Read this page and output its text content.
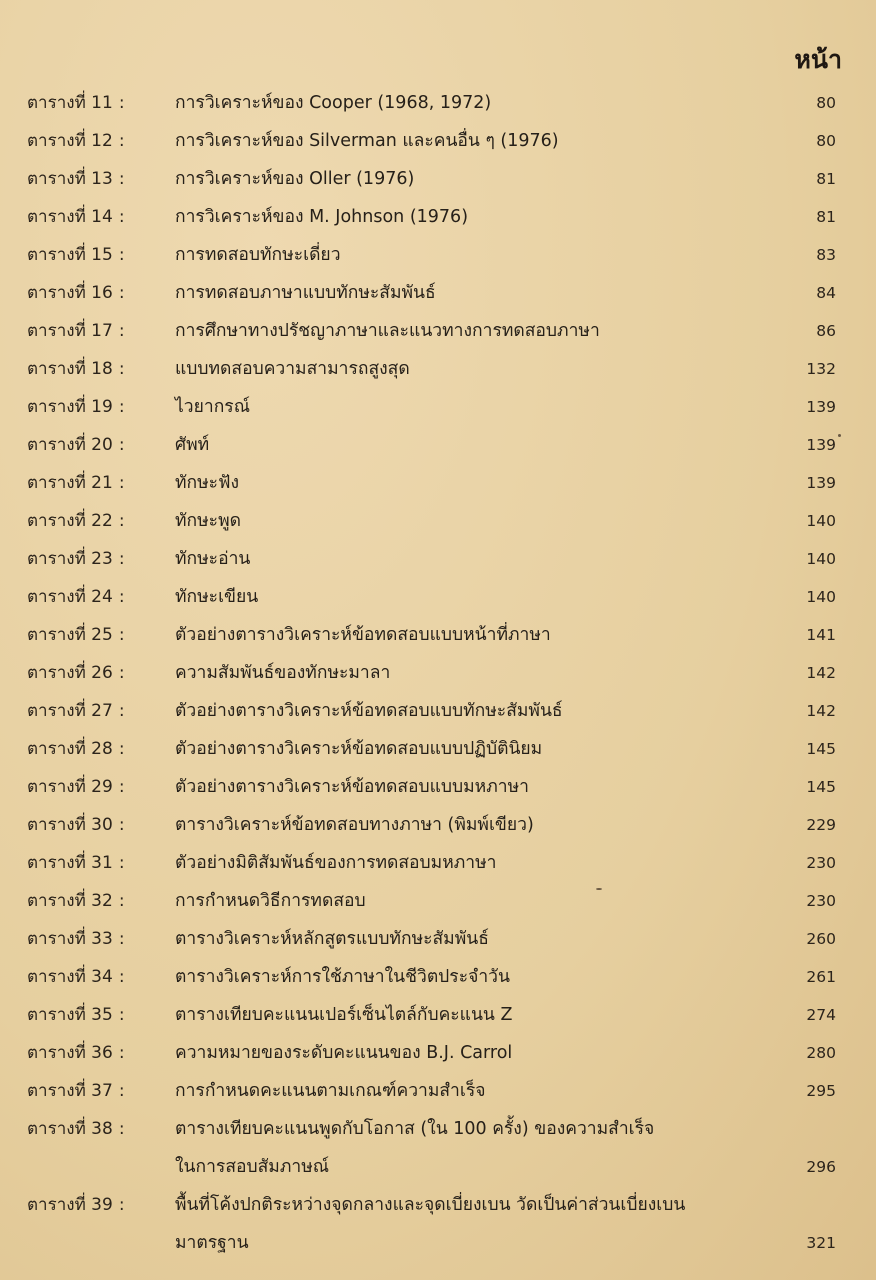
หน้า
ตารางที่ 11 :	การวิเคราะห์ของ Cooper (1968, 1972)	80
ตารางที่ 12 :	การวิเคราะห์ของ Silverman และคนอื่น ๆ (1976)	80
ตารางที่ 13 :	การวิเคราะห์ของ Oller (1976)	81
ตารางที่ 14 :	การวิเคราะห์ของ M. Johnson (1976)	81
ตารางที่ 15 :	การทดสอบทักษะเดี่ยว	83
ตารางที่ 16 :	การทดสอบภาษาแบบทักษะสัมพันธ์	84
ตารางที่ 17 :	การศึกษาทางปรัชญาภาษาและแนวทางการทดสอบภาษา	86
ตารางที่ 18 :	แบบทดสอบความสามารถสูงสุด	132
ตารางที่ 19 :	ไวยากรณ์	139
ตารางที่ 20 :	ศัพท์	139
ตารางที่ 21 :	ทักษะฟัง	139
ตารางที่ 22 :	ทักษะพูด	140
ตารางที่ 23 :	ทักษะอ่าน	140
ตารางที่ 24 :	ทักษะเขียน	140
ตารางที่ 25 :	ตัวอย่างตารางวิเคราะห์ข้อทดสอบแบบหน้าที่ภาษา	141
ตารางที่ 26 :	ความสัมพันธ์ของทักษะมาลา	142
ตารางที่ 27 :	ตัวอย่างตารางวิเคราะห์ข้อทดสอบแบบทักษะสัมพันธ์	142
ตารางที่ 28 :	ตัวอย่างตารางวิเคราะห์ข้อทดสอบแบบปฏิบัตินิยม	145
ตารางที่ 29 :	ตัวอย่างตารางวิเคราะห์ข้อทดสอบแบบมหภาษา	145
ตารางที่ 30 :	ตารางวิเคราะห์ข้อทดสอบทางภาษา (พิมพ์เขียว)	229
ตารางที่ 31 :	ตัวอย่างมิติสัมพันธ์ของการทดสอบมหภาษา	230
ตารางที่ 32 :	การกำหนดวิธีการทดสอบ	230
ตารางที่ 33 :	ตารางวิเคราะห์หลักสูตรแบบทักษะสัมพันธ์	260
ตารางที่ 34 :	ตารางวิเคราะห์การใช้ภาษาในชีวิตประจำวัน	261
ตารางที่ 35 :	ตารางเทียบคะแนนเปอร์เซ็นไตล์กับคะแนน Z	274
ตารางที่ 36 :	ความหมายของระดับคะแนนของ B.J. Carrol	280
ตารางที่ 37 :	การกำหนดคะแนนตามเกณฑ์ความสำเร็จ	295
ตารางที่ 38 :	ตารางเทียบคะแนนพูดกับโอกาส (ใน 100 ครั้ง) ของความสำเร็จ
ในการสอบสัมภาษณ์	296
ตารางที่ 39 :	พื้นที่โค้งปกติระหว่างจุดกลางและจุดเบี่ยงเบน วัดเป็นค่าส่วนเบี่ยงเบน
มาตรฐาน	321
